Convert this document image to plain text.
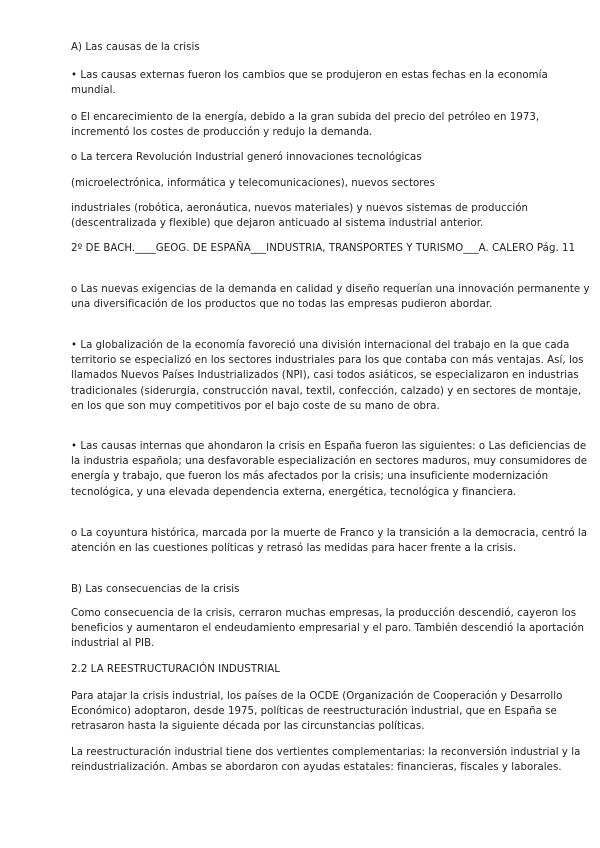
A) Las causas de la crisis

• Las causas externas fueron los cambios que se produjeron en estas fechas en la economía mundial.

o El encarecimiento de la energía, debido a la gran subida del precio del petróleo en 1973, incrementó los costes de producción y redujo la demanda.

o La tercera Revolución Industrial generó innovaciones tecnológicas

(microelectrónica, informática y telecomunicaciones), nuevos sectores

industriales (robótica, aeronáutica, nuevos materiales) y nuevos sistemas de producción (descentralizada y flexible) que dejaron anticuado al sistema industrial anterior.

2º DE BACH.____GEOG. DE ESPAÑA___INDUSTRIA, TRANSPORTES Y TURISMO___A. CALERO Pág. 11

o Las nuevas exigencias de la demanda en calidad y diseño requerían una innovación permanente y una diversificación de los productos que no todas las empresas pudieron abordar.

• La globalización de la economía favoreció una división internacional del trabajo en la que cada territorio se especializó en los sectores industriales para los que contaba con más ventajas. Así, los llamados Nuevos Países Industrializados (NPI), casi todos asiáticos, se especializaron en industrias tradicionales (siderurgia, construcción naval, textil, confección, calzado) y en sectores de montaje, en los que son muy competitivos por el bajo coste de su mano de obra.

• Las causas internas que ahondaron la crisis en España fueron las siguientes: o Las deficiencias de la industria española; una desfavorable especialización en sectores maduros, muy consumidores de energía y trabajo, que fueron los más afectados por la crisis; una insuficiente modernización tecnológica, y una elevada dependencia externa, energética, tecnológica y financiera.

o La coyuntura histórica, marcada por la muerte de Franco y la transición a la democracia, centró la atención en las cuestiones políticas y retrasó las medidas para hacer frente a la crisis.

B) Las consecuencias de la crisis

Como consecuencia de la crisis, cerraron muchas empresas, la producción descendió, cayeron los beneficios y aumentaron el endeudamiento empresarial y el paro. También descendió la aportación industrial al PIB.

2.2 LA REESTRUCTURACIÓN INDUSTRIAL

Para atajar la crisis industrial, los países de la OCDE (Organización de Cooperación y Desarrollo Económico) adoptaron, desde 1975, políticas de reestructuración industrial, que en España se retrasaron hasta la siguiente década por las circunstancias políticas.

La reestructuración industrial tiene dos vertientes complementarias: la reconversión industrial y la reindustrialización. Ambas se abordaron con ayudas estatales: financieras, fiscales y laborales.
